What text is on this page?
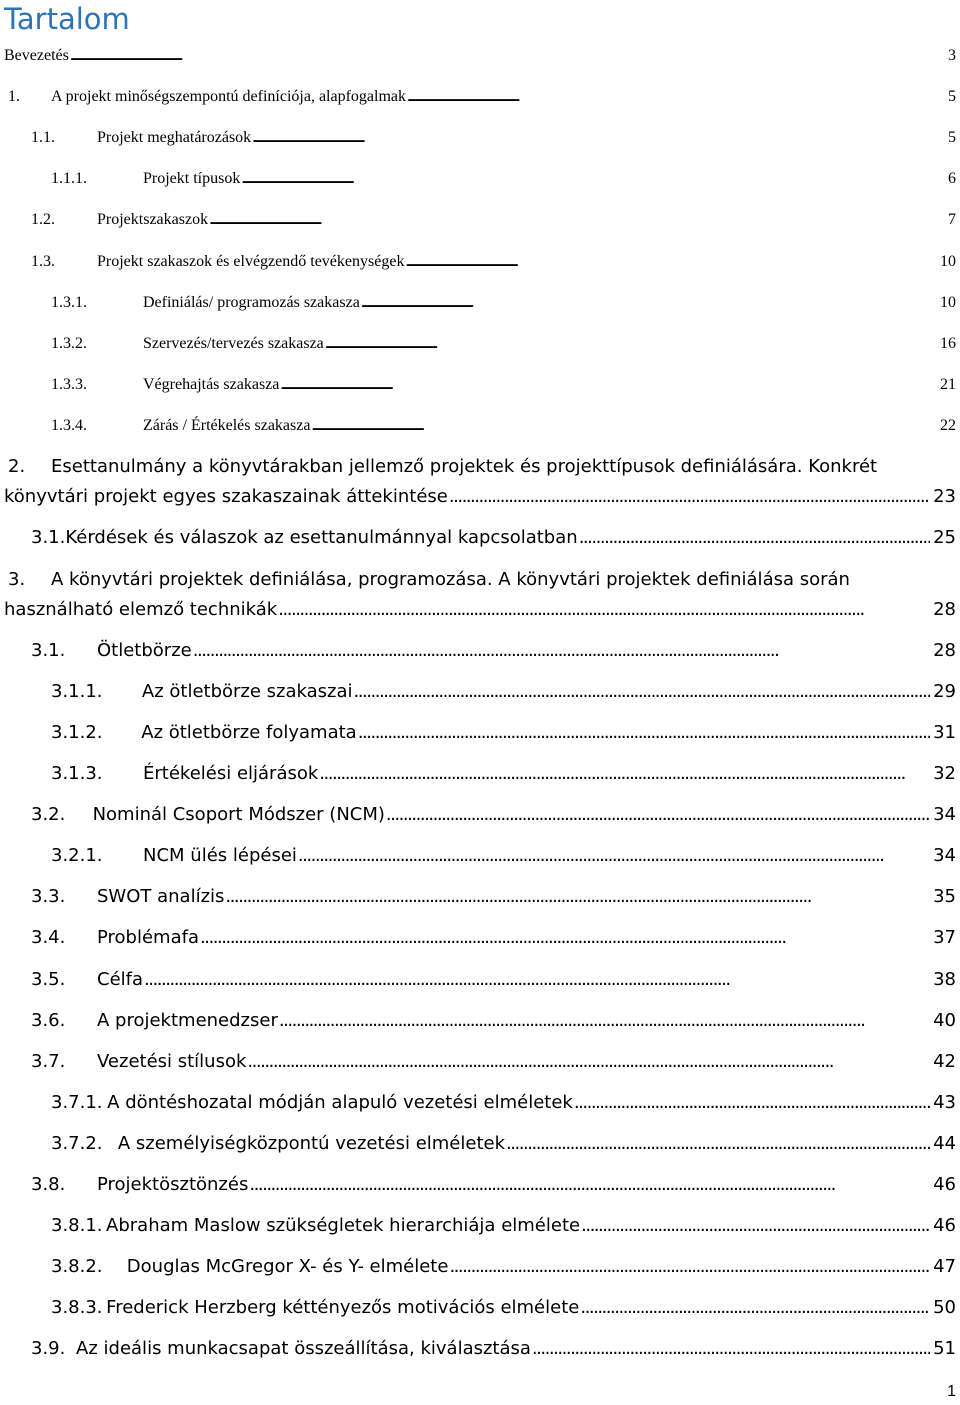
Tartalom
Bevezetés . . .	3
1.	A projekt minőségszempontú definíciója, alapfogalmak . . .	5
1.1.	Projekt meghatározások . . .	5
1.1.1.	Projekt típusok . . .	6
1.2.	Projektszakaszok . . .	7
1.3.	Projekt szakaszok és elvégzendő tevékenységek . . .	10
1.3.1.	Definiálás/ programozás szakasza . . .	10
1.3.2.	Szervezés/tervezés szakasza . . .	16
1.3.3.	Végrehajtás szakasza . . .	21
1.3.4.	Zárás / Értékelés szakasza . . .	22
2.	Esettanulmány a könyvtárakban jellemző projektek és projekttípusok definiálására. Konkrét
könyvtári projekt egyes szakaszainak áttekintése . . .	23
3.1. Kérdések és válaszok az esettanulmánnyal kapcsolatban . . .	25
3.	A könyvtári projektek definiálása, programozása. A könyvtári projektek definiálása során
használható elemző technikák . . .	28
3.1.	Ötletbörze . . .	28
3.1.1.	Az ötletbörze szakaszai . . .	29
3.1.2.	Az ötletbörze folyamata . . .	31
3.1.3.	Értékelési eljárások . . .	32
3.2.	Nominál Csoport Módszer (NCM) . . .	34
3.2.1.	NCM ülés lépései . . .	34
3.3.	SWOT analízis . . .	35
3.4.	Problémafa . . .	37
3.5.	Célfa . . .	38
3.6.	A projektmenedzser . . .	40
3.7.	Vezetési stílusok . . .	42
3.7.1. A döntéshozatal módján alapuló vezetési elméletek . . .	43
3.7.2. A személyiségközpontú vezetési elméletek . . .	44
3.8.	Projektösztönzés . . .	46
3.8.1. Abraham Maslow szükségletek hierarchiája elmélete . . .	46
3.8.2.	Douglas McGregor X- és Y- elmélete . . .	47
3.8.3. Frederick Herzberg kéttényezős motivációs elmélete . . .	50
3.9. Az ideális munkacsapat összeállítása, kiválasztása . . .	51
1
